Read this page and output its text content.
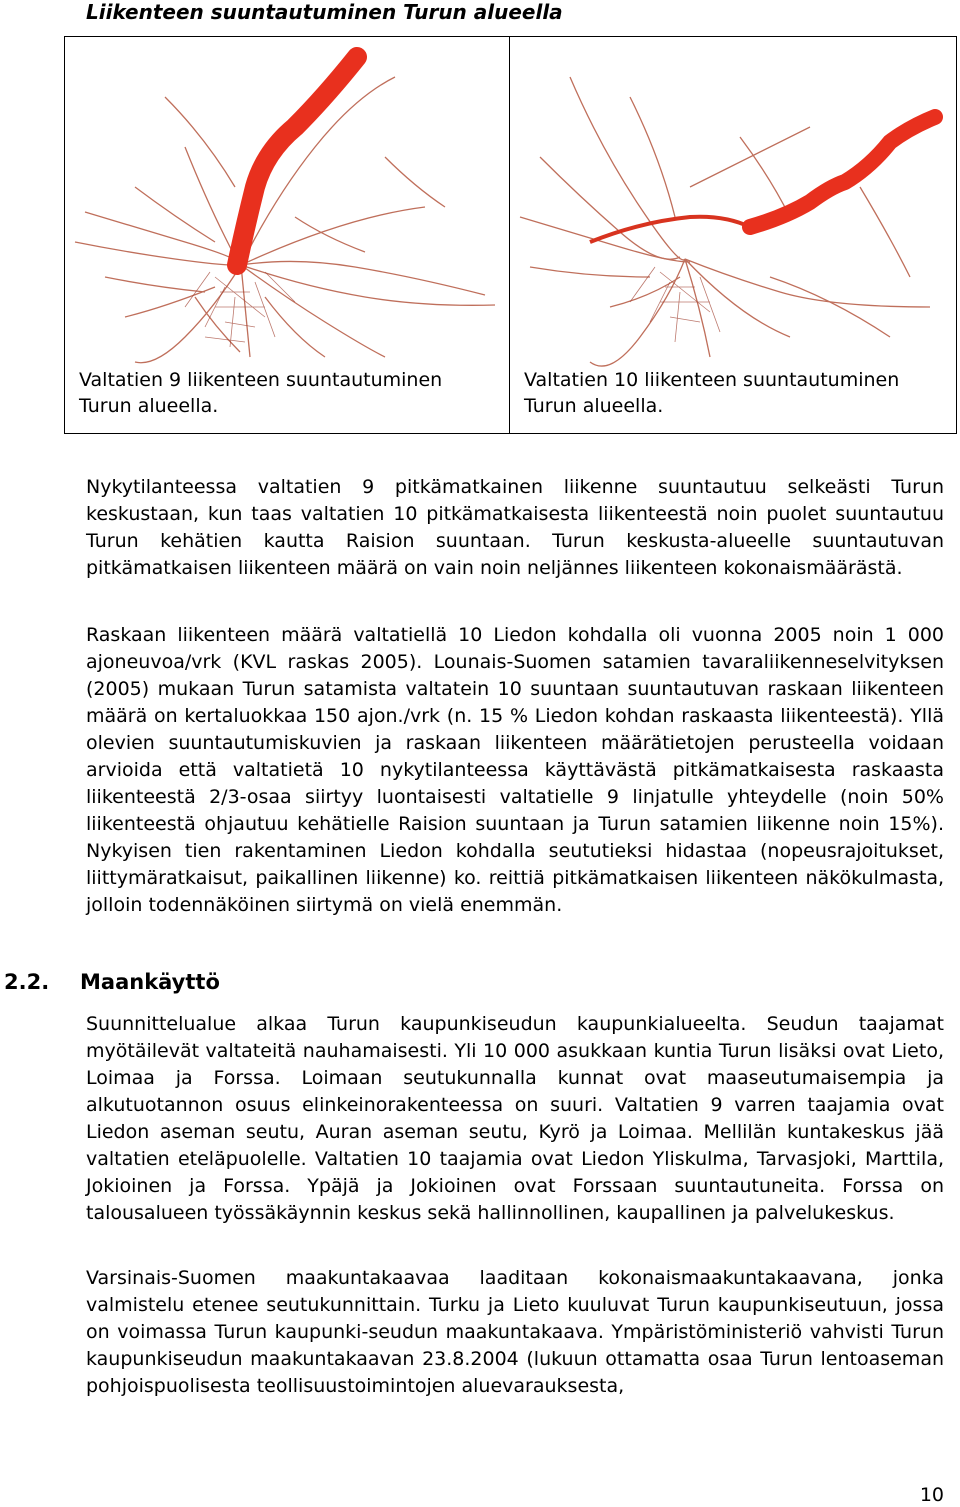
Liikenteen suuntautuminen Turun alueella
Valtatien 9 liikenteen suuntautuminen Turun alueella.
Valtatien 10 liikenteen suuntautuminen Turun alueella.

Nykytilanteessa valtatien 9 pitkämatkainen liikenne suuntautuu selkeästi Turun keskustaan, kun taas valtatien 10 pitkämatkaisesta liikenteestä noin puolet suuntautuu Turun kehätien kautta Raision suuntaan. Turun keskusta-alueelle suuntautuvan pitkämatkaisen liikenteen määrä on vain noin neljännes liikenteen kokonaismäärästä.

Raskaan liikenteen määrä valtatiellä 10 Liedon kohdalla oli vuonna 2005 noin 1 000 ajoneuvoa/vrk (KVL raskas 2005). Lounais-Suomen satamien tavaraliikenneselvityksen (2005) mukaan Turun satamista valtatein 10 suuntaan suuntautuvan raskaan liikenteen määrä on kertaluokkaa 150 ajon./vrk (n. 15 % Liedon kohdan raskaasta liikenteestä). Yllä olevien suuntautumiskuvien ja raskaan liikenteen määrätietojen perusteella voidaan arvioida että valtatietä 10 nykytilanteessa käyttävästä pitkämatkaisesta raskaasta liikenteestä 2/3-osaa siirtyy luontaisesti valtatielle 9 linjatulle yhteydelle (noin 50% liikenteestä ohjautuu kehätielle Raision suuntaan ja Turun satamien liikenne noin 15%). Nykyisen tien rakentaminen Liedon kohdalla seututieksi hidastaa (nopeusrajoitukset, liittymäratkaisut, paikallinen liikenne) ko. reittiä pitkämatkaisen liikenteen näkökulmasta, jolloin todennäköinen siirtymä on vielä enemmän.

2.2. Maankäyttö

Suunnittelualue alkaa Turun kaupunkiseudun kaupunkialueelta. Seudun taajamat myötäilevät valtateitä nauhamaisesti. Yli 10 000 asukkaan kuntia Turun lisäksi ovat Lieto, Loimaa ja Forssa. Loimaan seutukunnalla kunnat ovat maaseutumaisempia ja alkutuotannon osuus elinkeinorakenteessa on suuri. Valtatien 9 varren taajamia ovat Liedon aseman seutu, Auran aseman seutu, Kyrö ja Loimaa. Mellilän kuntakeskus jää valtatien eteläpuolelle. Valtatien 10 taajamia ovat Liedon Yliskulma, Tarvasjoki, Marttila, Jokioinen ja Forssa. Ypäjä ja Jokioinen ovat Forssaan suuntautuneita. Forssa on talousalueen työssäkäynnin keskus sekä hallinnollinen, kaupallinen ja palvelukeskus.

Varsinais-Suomen maakuntakaavaa laaditaan kokonaismaakuntakaavana, jonka valmistelu etenee seutukunnittain. Turku ja Lieto kuuluvat Turun kaupunkiseutuun, jossa on voimassa Turun kaupunki-seudun maakuntakaava. Ympäristöministeriö vahvisti Turun kaupunkiseudun maakuntakaavan 23.8.2004 (lukuun ottamatta osaa Turun lentoaseman pohjoispuolisesta teollisuustoimintojen aluevarauksesta,

10
